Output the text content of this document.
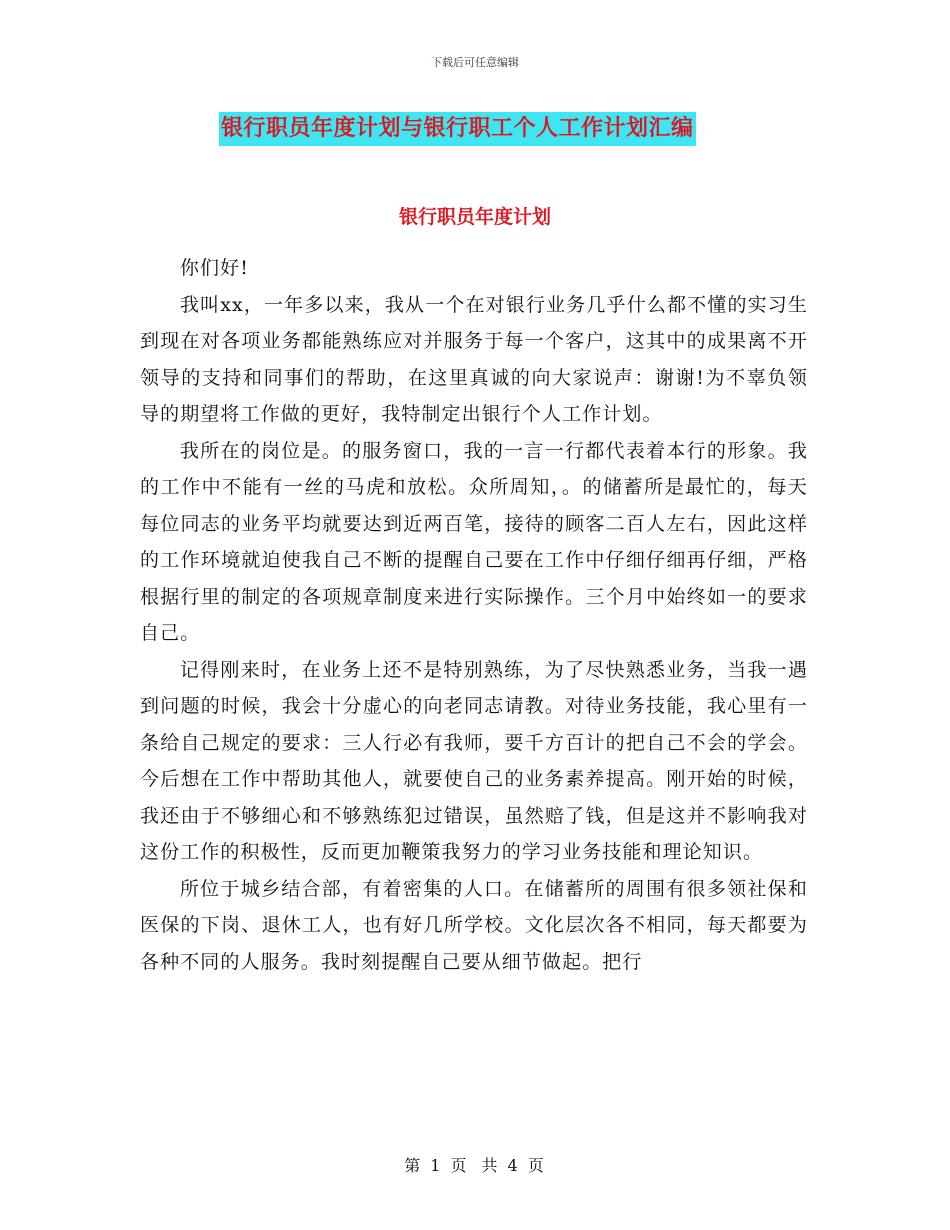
下载后可任意编辑
银行职员年度计划与银行职工个人工作计划汇编
银行职员年度计划

你们好!

我叫xx，一年多以来，我从一个在对银行业务几乎什么都不懂的实习生到现在对各项业务都能熟练应对并服务于每一个客户，这其中的成果离不开领导的支持和同事们的帮助，在这里真诚的向大家说声：谢谢!为不辜负领导的期望将工作做的更好，我特制定出银行个人工作计划。

我所在的岗位是。的服务窗口，我的一言一行都代表着本行的形象。我的工作中不能有一丝的马虎和放松。众所周知，。的储蓄所是最忙的，每天每位同志的业务平均就要达到近两百笔，接待的顾客二百人左右，因此这样的工作环境就迫使我自己不断的提醒自己要在工作中仔细仔细再仔细，严格根据行里的制定的各项规章制度来进行实际操作。三个月中始终如一的要求自己。

记得刚来时，在业务上还不是特别熟练，为了尽快熟悉业务，当我一遇到问题的时候，我会十分虚心的向老同志请教。对待业务技能，我心里有一条给自己规定的要求：三人行必有我师，要千方百计的把自己不会的学会。今后想在工作中帮助其他人，就要使自己的业务素养提高。刚开始的时候，我还由于不够细心和不够熟练犯过错误，虽然赔了钱，但是这并不影响我对这份工作的积极性，反而更加鞭策我努力的学习业务技能和理论知识。

所位于城乡结合部，有着密集的人口。在储蓄所的周围有很多领社保和医保的下岗、退休工人，也有好几所学校。文化层次各不相同，每天都要为各种不同的人服务。我时刻提醒自己要从细节做起。把行

第 1 页 共 4 页
